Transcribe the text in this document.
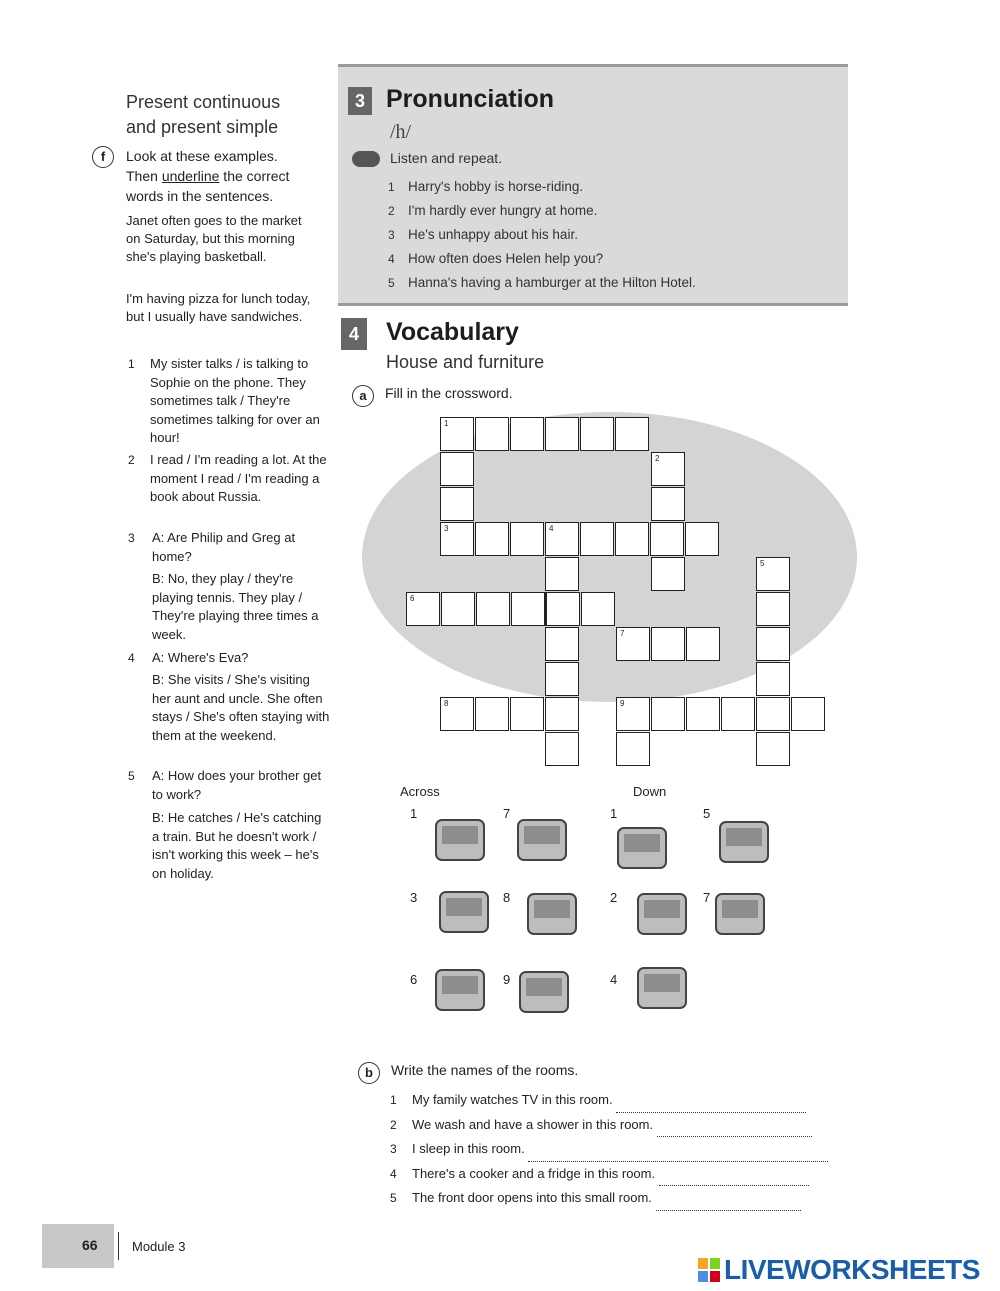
Present continuous
and present simple
f	Look at these examples.
Then underline the correct
words in the sentences.
Janet often goes to the market on Saturday, but this morning she's playing basketball.
I'm having pizza for lunch today, but I usually have sandwiches.
1 My sister talks / is talking to Sophie on the phone. They sometimes talk / They're sometimes talking for over an hour!
2 I read / I'm reading a lot. At the moment I read / I'm reading a book about Russia.
3 A: Are Philip and Greg at home?
B: No, they play / they're playing tennis. They play / They're playing three times a week.
4 A: Where's Eva?
B: She visits / She's visiting her aunt and uncle. She often stays / She's often staying with them at the weekend.
5 A: How does your brother get to work?
B: He catches / He's catching a train. But he doesn't work / isn't working this week – he's on holiday.
3 Pronunciation
/h/
Listen and repeat.
1 Harry's hobby is horse-riding.
2 I'm hardly ever hungry at home.
3 He's unhappy about his hair.
4 How often does Helen help you?
5 Hanna's having a hamburger at the Hilton Hotel.
4	Vocabulary
House and furniture
a	Fill in the crossword.
1
2
3	4
5
6
7
8	9
Across	Down
1	7	1	5
3	8	2	7
6	9	4
b	Write the names of the rooms.
1 My family watches TV in this room.
2 We wash and have a shower in this room.
3 I sleep in this room.
4 There's a cooker and a fridge in this room.
5 The front door opens into this small room.
66	Module 3
LIVEWORKSHEETS
